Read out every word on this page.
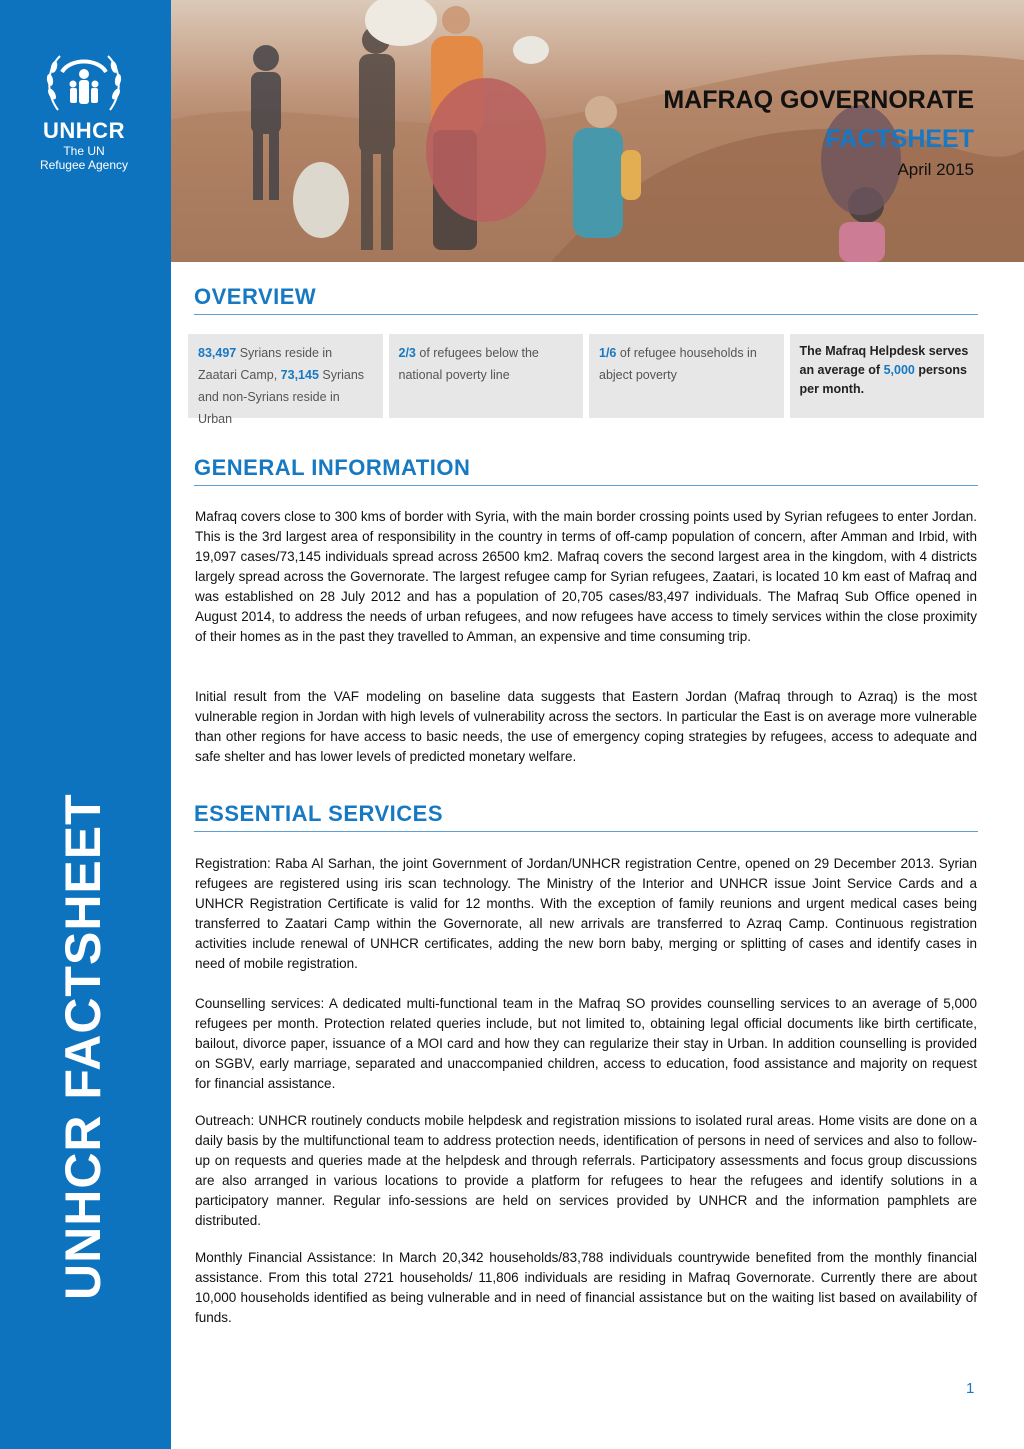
UNHCR
The UN
Refugee Agency
UNHCR FACTSHEET
MAFRAQ GOVERNORATE
FACTSHEET
April 2015
OVERVIEW
83,497 Syrians reside in Zaatari Camp, 73,145 Syrians and non-Syrians reside in Urban
2/3 of refugees below the national poverty line
1/6 of refugee households in abject poverty
The Mafraq Helpdesk serves an average of 5,000 persons per month.
GENERAL INFORMATION

Mafraq covers close to 300 kms of border with Syria, with the main border crossing points used by Syrian refugees to enter Jordan. This is the 3rd largest area of responsibility in the country in terms of off-camp population of concern, after Amman and Irbid, with 19,097 cases/73,145 individuals spread across 26500 km2. Mafraq covers the second largest area in the kingdom, with 4 districts largely spread across the Governorate. The largest refugee camp for Syrian refugees, Zaatari, is located 10 km east of Mafraq and was established on 28 July 2012 and has a population of 20,705 cases/83,497 individuals. The Mafraq Sub Office opened in August 2014, to address the needs of urban refugees, and now refugees have access to timely services within the close proximity of their homes as in the past they travelled to Amman, an expensive and time consuming trip.

Initial result from the VAF modeling on baseline data suggests that Eastern Jordan (Mafraq through to Azraq) is the most vulnerable region in Jordan with high levels of vulnerability across the sectors. In particular the East is on average more vulnerable than other regions for have access to basic needs, the use of emergency coping strategies by refugees, access to adequate and safe shelter and has lower levels of predicted monetary welfare.

ESSENTIAL SERVICES

Registration: Raba Al Sarhan, the joint Government of Jordan/UNHCR registration Centre, opened on 29 December 2013. Syrian refugees are registered using iris scan technology. The Ministry of the Interior and UNHCR issue Joint Service Cards and a UNHCR Registration Certificate is valid for 12 months. With the exception of family reunions and urgent medical cases being transferred to Zaatari Camp within the Governorate, all new arrivals are transferred to Azraq Camp. Continuous registration activities include renewal of UNHCR certificates, adding the new born baby, merging or splitting of cases and identify cases in need of mobile registration.

Counselling services: A dedicated multi-functional team in the Mafraq SO provides counselling services to an average of 5,000 refugees per month. Protection related queries include, but not limited to, obtaining legal official documents like birth certificate, bailout, divorce paper, issuance of a MOI card and how they can regularize their stay in Urban. In addition counselling is provided on SGBV, early marriage, separated and unaccompanied children, access to education, food assistance and majority on request for financial assistance.

Outreach: UNHCR routinely conducts mobile helpdesk and registration missions to isolated rural areas. Home visits are done on a daily basis by the multifunctional team to address protection needs, identification of persons in need of services and also to follow-up on requests and queries made at the helpdesk and through referrals. Participatory assessments and focus group discussions are also arranged in various locations to provide a platform for refugees to hear the refugees and identify solutions in a participatory manner. Regular info-sessions are held on services provided by UNHCR and the information pamphlets are distributed.

Monthly Financial Assistance: In March 20,342 households/83,788 individuals countrywide benefited from the monthly financial assistance. From this total 2721 households/ 11,806 individuals are residing in Mafraq Governorate. Currently there are about 10,000 households identified as being vulnerable and in need of financial assistance but on the waiting list based on availability of funds.

1
